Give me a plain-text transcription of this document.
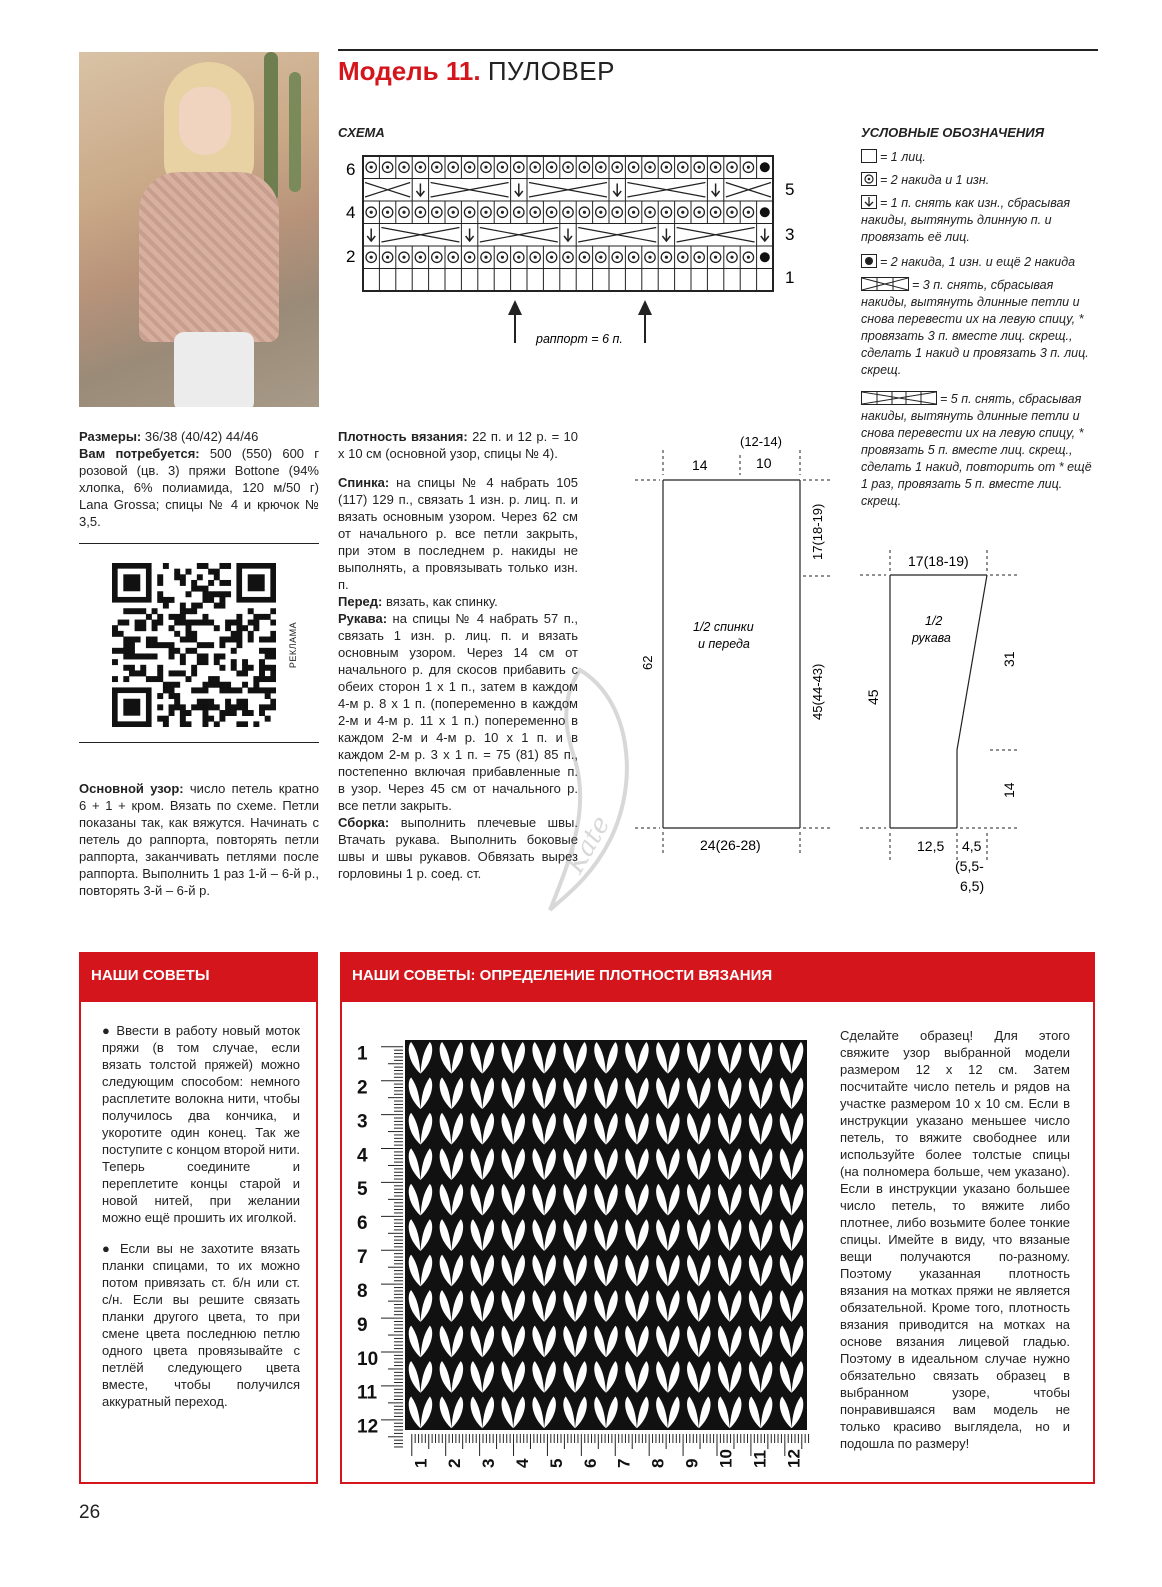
Модель 11. ПУЛОВЕР
СХЕМА
6
4
2
5
3
1
раппорт = 6 п.
УСЛОВНЫЕ ОБОЗНАЧЕНИЯ
= 1 лиц.
= 2 накида и 1 изн.
= 1 п. снять как изн., сбрасывая накиды, вытянуть длинную п. и провязать её лиц.
= 2 накида, 1 изн. и ещё 2 накида
= 3 п. снять, сбрасывая накиды, вытянуть длинные петли и снова перевести их на левую спицу, * провязать 3 п. вместе лиц. скрещ., сделать 1 накид и провязать 3 п. лиц. скрещ.
= 5 п. снять, сбрасывая накиды, вытянуть длинные петли и снова перевести их на левую спицу, * провязать 5 п. вместе лиц. скрещ., сделать 1 накид, повторить от * ещё 1 раз, провязать 5 п. вместе лиц. скрещ.
Размеры: 36/38 (40/42) 44/46
Вам потребуется: 500 (550) 600 г розовой (цв. 3) пряжи Bottone (94% хлопка, 6% полиамида, 120 м/50 г) Lana Grossa; спицы № 4 и крючок № 3,5.
РЕКЛАМА
Основной узор: число петель кратно 6 + 1 + кром. Вязать по схеме. Петли показаны так, как вяжутся. Начинать с петель до раппорта, повторять петли раппорта, заканчивать петлями после раппорта. Выполнить 1 раз 1-й – 6-й р., повторять 3-й – 6-й р.
Плотность вязания: 22 п. и 12 р. = 10 х 10 см (основной узор, спицы № 4).
Спинка: на спицы № 4 набрать 105 (117) 129 п., связать 1 изн. р. лиц. п. и вязать основным узором. Через 62 см от начального р. все петли закрыть, при этом в последнем р. накиды не выполнять, а провязывать только изн. п.
Перед: вязать, как спинку.
Рукава: на спицы № 4 набрать 57 п., связать 1 изн. р. лиц. п. и вязать основным узором. Через 14 см от начального р. для скосов прибавить с обеих сторон 1 х 1 п., затем в каждом 4-м р. 8 х 1 п. (попеременно в каждом 2-м и 4-м р. 11 х 1 п.) попеременно в каждом 2-м и 4-м р. 10 х 1 п. и в каждом 2-м р. 3 х 1 п. = 75 (81) 85 п., постепенно включая прибавленные п. в узор. Через 45 см от начального р. все петли закрыть.
Сборка: выполнить плечевые швы. Втачать рукава. Выполнить боковые швы и швы рукавов. Обвязать вырез горловины 1 р. соед. ст.	Kate
(12-14)
14	10
17(18-19)
45(44-43)
62
1/2 спинки
и переда
24(26-28)
17(18-19)
45
1/2
рукава
31
14
12,5 4,5
(5,5-
6,5)
НАШИ СОВЕТЫ
● Ввести в работу новый моток пряжи (в том случае, если вязать толстой пряжей) можно следующим способом: немного расплетите волокна нити, чтобы получилось два кончика, и укоротите один конец. Так же поступите с концом второй нити. Теперь соедините и переплетите концы старой и новой нитей, при желании можно ещё прошить их иголкой.
● Если вы не захотите вязать планки спицами, то их можно потом привязать ст. б/н или ст. с/н. Если вы решите связать планки другого цвета, то при смене цвета последнюю петлю одного цвета провязывайте с петлёй следующего цвета вместе, чтобы получился аккуратный переход.
НАШИ СОВЕТЫ: ОПРЕДЕЛЕНИЕ ПЛОТНОСТИ ВЯЗАНИЯ
1
2
3
4
5
6
7
8
9
10
11
12
1 2 3 4 5 6 7 8 9 10 11 12
Сделайте образец! Для этого свяжите узор выбранной модели размером 12 х 12 см. Затем посчитайте число петель и рядов на участке размером 10 х 10 см. Если в инструкции указано меньшее число петель, то вяжите свободнее или используйте более толстые спицы (на полномера больше, чем указано). Если в инструкции указано большее число петель, то вяжите либо плотнее, либо возьмите более тонкие спицы. Имейте в виду, что вязаные вещи получаются по-разному. Поэтому указанная плотность вязания на мотках пряжи не является обязательной. Кроме того, плотность вязания приводится на мотках на основе вязания лицевой гладью. Поэтому в идеальном случае нужно обязательно связать образец в выбранном узоре, чтобы понравившаяся вам модель не только красиво выглядела, но и подошла по размеру!
26
